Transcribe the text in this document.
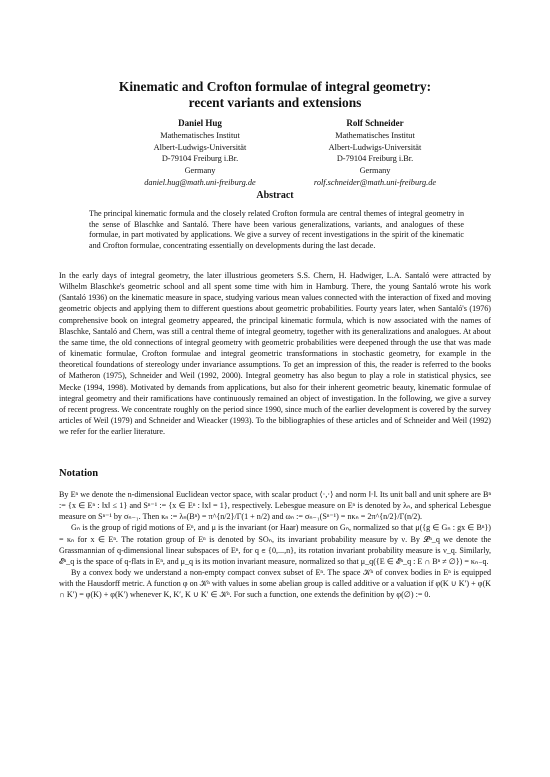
Kinematic and Crofton formulae of integral geometry:
recent variants and extensions
Daniel Hug
Mathematisches Institut
Albert-Ludwigs-Universität
D-79104 Freiburg i.Br.
Germany
daniel.hug@math.uni-freiburg.de
Rolf Schneider
Mathematisches Institut
Albert-Ludwigs-Universität
D-79104 Freiburg i.Br.
Germany
rolf.schneider@math.uni-freiburg.de
Abstract
The principal kinematic formula and the closely related Crofton formula are central themes of integral geometry in the sense of Blaschke and Santaló. There have been various generalizations, variants, and analogues of these formulae, in part motivated by applications. We give a survey of recent investigations in the spirit of the kinematic and Crofton formulae, concentrating essentially on developments during the last decade.
In the early days of integral geometry, the later illustrious geometers S.S. Chern, H. Hadwiger, L.A. Santaló were attracted by Wilhelm Blaschke's geometric school and all spent some time with him in Hamburg. There, the young Santaló wrote his work (Santaló 1936) on the kinematic measure in space, studying various mean values connected with the interaction of fixed and moving geometric objects and applying them to different questions about geometric probabilities. Fourty years later, when Santaló's (1976) comprehensive book on integral geometry appeared, the principal kinematic formula, which is now associated with the names of Blaschke, Santaló and Chern, was still a central theme of integral geometry, together with its generalizations and analogues. At about the same time, the old connections of integral geometry with geometric probabilities were deepened through the use that was made of kinematic formulae, Crofton formulae and integral geometric transformations in stochastic geometry, for example in the theoretical foundations of stereology under invariance assumptions. To get an impression of this, the reader is referred to the books of Matheron (1975), Schneider and Weil (1992, 2000). Integral geometry has also begun to play a role in statistical physics, see Mecke (1994, 1998). Motivated by demands from applications, but also for their inherent geometric beauty, kinematic formulae of integral geometry and their ramifications have continuously remained an object of investigation. In the following, we give a survey of recent progress. We concentrate roughly on the period since 1990, since much of the earlier development is covered by the survey articles of Weil (1979) and Schneider and Wieacker (1993). To the bibliographies of these articles and of Schneider and Weil (1992) we refer for the earlier literature.
Notation

By Eⁿ we denote the n-dimensional Euclidean vector space, with scalar product ⟨·,·⟩ and norm ‖·‖. Its unit ball and unit sphere are Bⁿ := {x ∈ Eⁿ : ‖x‖ ≤ 1} and Sⁿ⁻¹ := {x ∈ Eⁿ : ‖x‖ = 1}, respectively. Lebesgue measure on Eⁿ is denoted by λₙ, and spherical Lebesgue measure on Sⁿ⁻¹ by σₙ₋₁. Then κₙ := λₙ(Bⁿ) = π^{n/2}/Γ(1 + n/2) and ωₙ := σₙ₋₁(Sⁿ⁻¹) = nκₙ = 2π^{n/2}/Γ(n/2).

Gₙ is the group of rigid motions of Eⁿ, and μ is the invariant (or Haar) measure on Gₙ, normalized so that μ({g ∈ Gₙ : gx ∈ Bⁿ}) = κₙ for x ∈ Eⁿ. The rotation group of Eⁿ is denoted by SOₙ, its invariant probability measure by ν. By 𝓛ⁿ_q we denote the Grassmannian of q-dimensional linear subspaces of Eⁿ, for q ∈ {0,...,n}, its rotation invariant probability measure is ν_q. Similarly, 𝓔ⁿ_q is the space of q-flats in Eⁿ, and μ_q is its motion invariant measure, normalized so that μ_q({E ∈ 𝓔ⁿ_q : E ∩ Bⁿ ≠ ∅}) = κₙ₋q.

By a convex body we understand a non-empty compact convex subset of Eⁿ. The space 𝒦ⁿ of convex bodies in Eⁿ is equipped with the Hausdorff metric. A function φ on 𝒦ⁿ with values in some abelian group is called additive or a valuation if φ(K ∪ K′) + φ(K ∩ K′) = φ(K) + φ(K′) whenever K, K′, K ∪ K′ ∈ 𝒦ⁿ. For such a function, one extends the definition by φ(∅) := 0.
